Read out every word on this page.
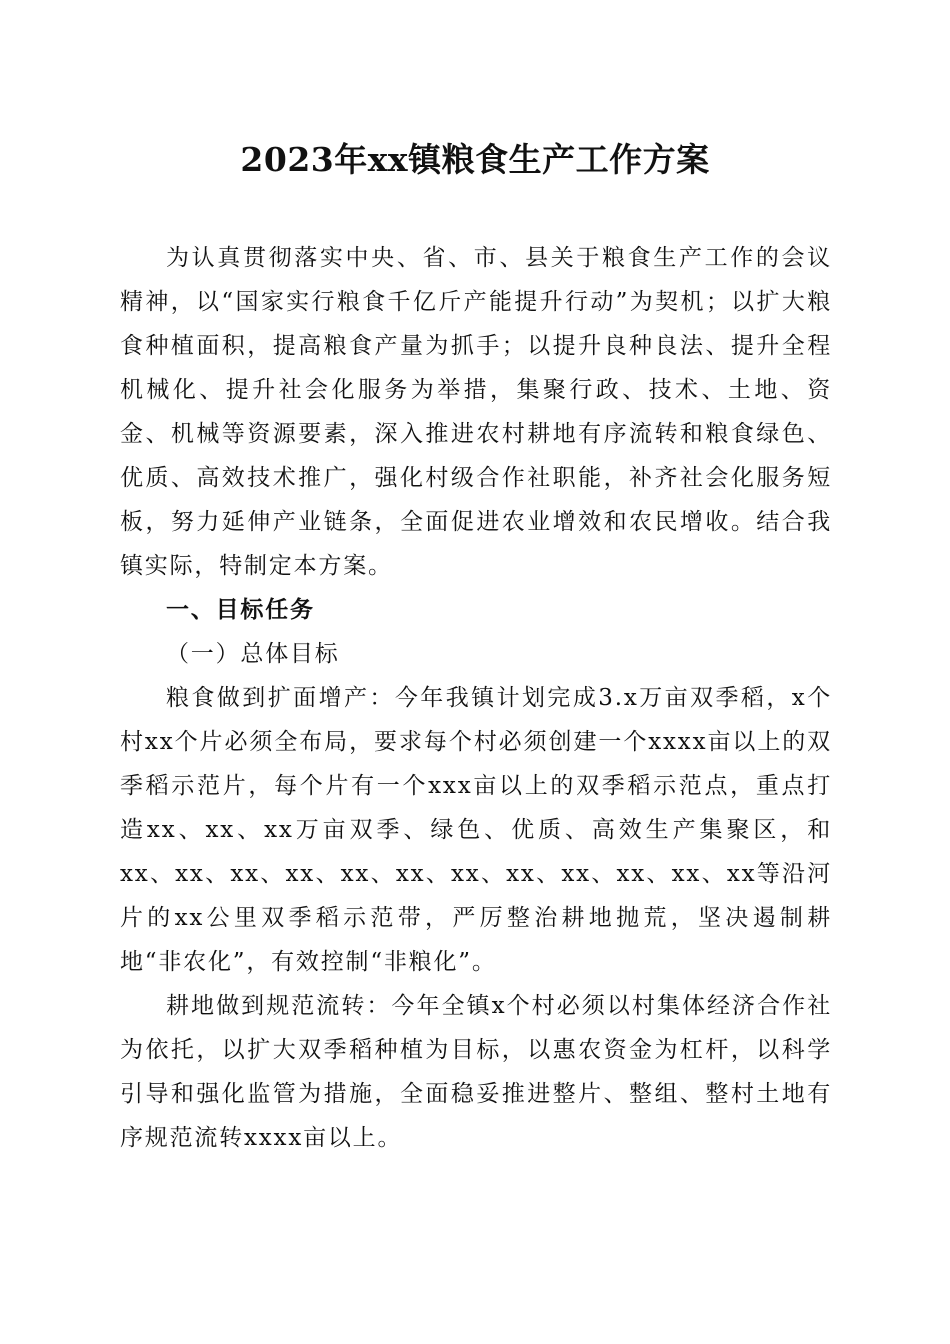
2023年xx镇粮食生产工作方案

为认真贯彻落实中央、省、市、县关于粮食生产工作的会议精神，以“国家实行粮食千亿斤产能提升行动”为契机；以扩大粮食种植面积，提高粮食产量为抓手；以提升良种良法、提升全程机械化、提升社会化服务为举措，集聚行政、技术、土地、资金、机械等资源要素，深入推进农村耕地有序流转和粮食绿色、优质、高效技术推广，强化村级合作社职能，补齐社会化服务短板，努力延伸产业链条，全面促进农业增效和农民增收。结合我镇实际，特制定本方案。

一、目标任务

（一）总体目标

粮食做到扩面增产：今年我镇计划完成3.x万亩双季稻，x个村xx个片必须全布局，要求每个村必须创建一个xxxx亩以上的双季稻示范片，每个片有一个xxx亩以上的双季稻示范点，重点打造xx、xx、xx万亩双季、绿色、优质、高效生产集聚区，和xx、xx、xx、xx、xx、xx、xx、xx、xx、xx、xx、xx等沿河片的xx公里双季稻示范带，严厉整治耕地抛荒，坚决遏制耕地“非农化”，有效控制“非粮化”。

耕地做到规范流转：今年全镇x个村必须以村集体经济合作社为依托，以扩大双季稻种植为目标，以惠农资金为杠杆，以科学引导和强化监管为措施，全面稳妥推进整片、整组、整村土地有序规范流转xxxx亩以上。
